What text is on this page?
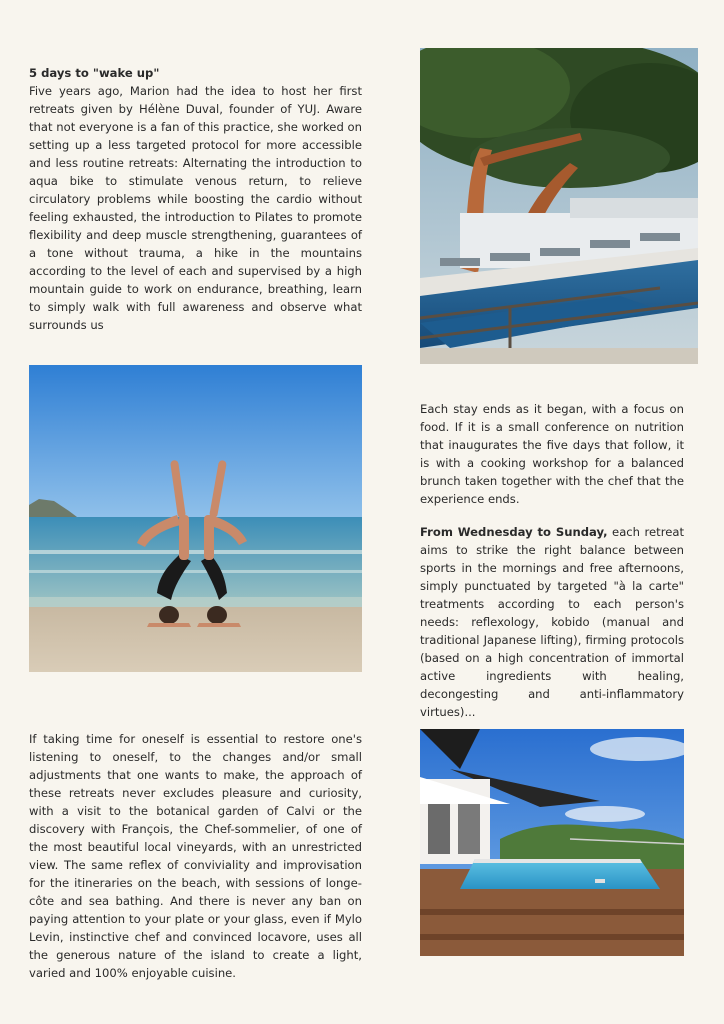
5 days to "wake up"
Five years ago, Marion had the idea to host her first retreats given by Hélène Duval, founder of YUJ. Aware that not everyone is a fan of this practice, she worked on setting up a less targeted protocol for more accessible and less routine retreats: Alternating the introduction to aqua bike to stimulate venous return, to relieve circulatory problems while boosting the cardio without feeling exhausted, the introduction to Pilates to promote flexibility and deep muscle strengthening, guarantees of a tone without trauma, a hike in the mountains according to the level of each and supervised by a high mountain guide to work on endurance, breathing, learn to simply walk with full awareness and observe what surrounds us

Each stay ends as it began, with a focus on food. If it is a small conference on nutrition that inaugurates the five days that follow, it is with a cooking workshop for a balanced brunch taken together with the chef that the experience ends.

From Wednesday to Sunday, each retreat aims to strike the right balance between sports in the mornings and free afternoons, simply punctuated by targeted "à la carte" treatments according to each person's needs: reflexology, kobido (manual and traditional Japanese lifting), firming protocols (based on a high concentration of immortal active ingredients with healing, decongesting and anti-inflammatory virtues)...

If taking time for oneself is essential to restore one's listening to oneself, to the changes and/or small adjustments that one wants to make, the approach of these retreats never excludes pleasure and curiosity, with a visit to the botanical garden of Calvi or the discovery with François, the Chef-sommelier, of one of the most beautiful local vineyards, with an unrestricted view. The same reflex of conviviality and improvisation for the itineraries on the beach, with sessions of longe-côte and sea bathing. And there is never any ban on paying attention to your plate or your glass, even if Mylo Levin, instinctive chef and convinced locavore, uses all the generous nature of the island to create a light, varied and 100% enjoyable cuisine.
